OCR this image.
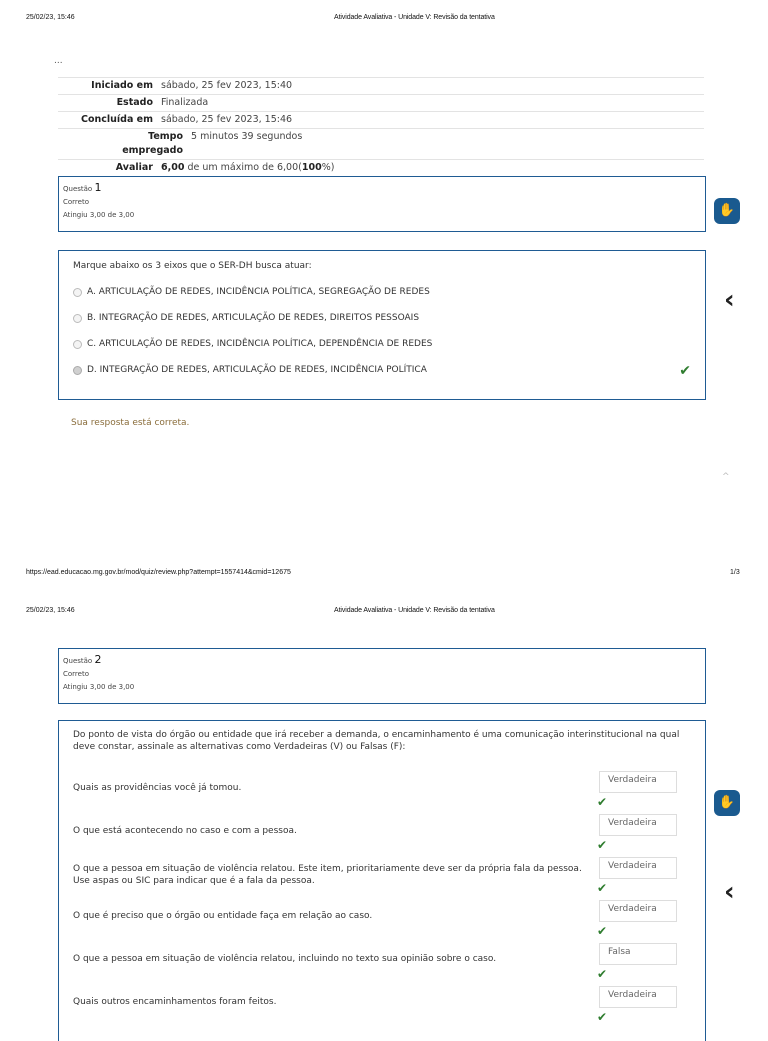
25/02/23, 15:46	Atividade Avaliativa - Unidade V: Revisão da tentativa
...
Iniciado em sábado, 25 fev 2023, 15:40
Estado Finalizada
Concluída em sábado, 25 fev 2023, 15:46
Tempo empregado
5 minutos 39 segundos
Avaliar 6,00 de um máximo de 6,00(100%)
Questão 1
Correto
Atingiu 3,00 de 3,00
Marque abaixo os 3 eixos que o SER-DH busca atuar:
A. ARTICULAÇÃO DE REDES, INCIDÊNCIA POLÍTICA, SEGREGAÇÃO DE REDES
B. INTEGRAÇÃO DE REDES, ARTICULAÇÃO DE REDES, DIREITOS PESSOAIS
C. ARTICULAÇÃO DE REDES, INCIDÊNCIA POLÍTICA, DEPENDÊNCIA DE REDES
D. INTEGRAÇÃO DE REDES, ARTICULAÇÃO DE REDES, INCIDÊNCIA POLÍTICA	✔
Sua resposta está correta.
^
✋
‹
https://ead.educacao.mg.gov.br/mod/quiz/review.php?attempt=1557414&cmid=12675	1/3
25/02/23, 15:46	Atividade Avaliativa - Unidade V: Revisão da tentativa
Questão 2
Correto
Atingiu 3,00 de 3,00
Do ponto de vista do órgão ou entidade que irá receber a demanda, o encaminhamento é uma comunicação interinstitucional na qual deve constar, assinale as alternativas como Verdadeiras (V) ou Falsas (F):
Quais as providências você já tomou.
Verdadeira
✔
O que está acontecendo no caso e com a pessoa.
Verdadeira
✔
O que a pessoa em situação de violência relatou. Este item, prioritariamente deve ser da própria fala da pessoa. Use aspas ou SIC para indicar que é a fala da pessoa.
Verdadeira
✔
O que é preciso que o órgão ou entidade faça em relação ao caso.
Verdadeira
✔
O que a pessoa em situação de violência relatou, incluindo no texto sua opinião sobre o caso.
Falsa
✔
Quais outros encaminhamentos foram feitos.
Verdadeira
✔
✋
‹
